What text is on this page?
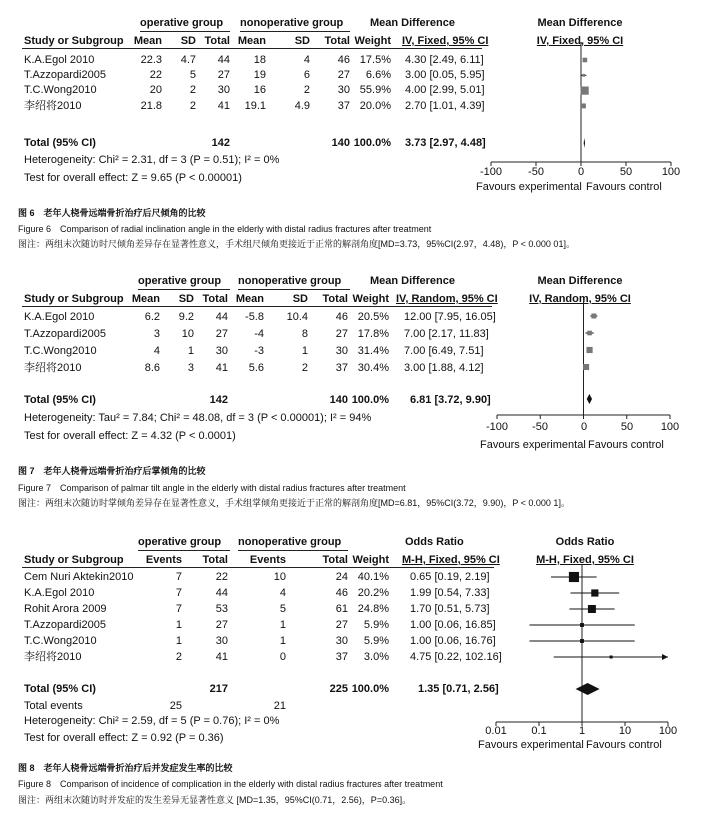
operative group nonoperative group Mean Difference	Mean Difference
Study or Subgroup Mean	SD Total Mean	SD	Total Weight IV, Fixed, 95% CI	IV, Fixed, 95% CI
K.A.Egol 2010	22.3	4.7	44	18	4	46 17.5% 4.30 [2.49, 6.11]
T.Azzopardi2005	22	5	27	19	6	27	6.6% 3.00 [0.05, 5.95]
T.C.Wong2010	20	2	30	16	2	30 55.9% 4.00 [2.99, 5.01]
李绍将2010	21.8	2	41	19.1	4.9	37 20.0% 2.70 [1.01, 4.39]
Total (95% CI)	142	140 100.0% 3.73 [2.97, 4.48]
Heterogeneity: Chi² = 2.31, df = 3 (P = 0.51); I² = 0%
Test for overall effect: Z = 9.65 (P < 0.00001)	-100	-50	0	50	100
Favours experimental Favours control
图 6　老年人桡骨远端骨折治疗后尺倾角的比较
Figure 6　Comparison of radial inclination angle in the elderly with distal radius fractures after treatment
图注：两组末次随访时尺倾角差异存在显著性意义，手术组尺倾角更接近于正常的解剖角度[MD=3.73，95%CI(2.97，4.48)，P < 0.000 01]。
operative group nonoperative group	Mean Difference	Mean Difference
Study or Subgroup Mean	SD Total Mean	SD	Total Weight IV, Random, 95% CI	IV, Random, 95% CI
K.A.Egol 2010	6.2	9.2	44	-5.8	10.4	46 20.5% 12.00 [7.95, 16.05]
T.Azzopardi2005	3	10	27	-4	8	27 17.8% 7.00 [2.17, 11.83]
T.C.Wong2010	4	1	30	-3	1	30 31.4% 7.00 [6.49, 7.51]
李绍将2010	8.6	3	41	5.6	2	37 30.4% 3.00 [1.88, 4.12]
Total (95% CI)	142	140 100.0% 6.81 [3.72, 9.90]
Heterogeneity: Tau² = 7.84; Chi² = 48.08, df = 3 (P < 0.00001); I² = 94%
Test for overall effect: Z = 4.32 (P < 0.0001)
-100	-50	0	50	100
Favours experimental Favours control
图 7　老年人桡骨远端骨折治疗后掌倾角的比较
Figure 7　Comparison of palmar tilt angle in the elderly with distal radius fractures after treatment
图注：两组末次随访时掌倾角差异存在显著性意义，手术组掌倾角更接近于正常的解剖角度[MD=6.81，95%CI(3.72，9.90)，P < 0.000 1]。
operative group nonoperative group	Odds Ratio	Odds Ratio
Study or Subgroup	Events	Total	Events	Total Weight M-H, Fixed, 95% CI	M-H, Fixed, 95% CI
Cem Nuri Aktekin2010	7	22	10	24 40.1% 0.65 [0.19, 2.19]
K.A.Egol 2010	7	44	4	46 20.2% 1.99 [0.54, 7.33]
Rohit Arora 2009	7	53	5	61 24.8% 1.70 [0.51, 5.73]
T.Azzopardi2005	1	27	1	27	5.9% 1.00 [0.06, 16.85]
T.C.Wong2010	1	30	1	30	5.9% 1.00 [0.06, 16.76]
李绍将2010	2	41	0	37	3.0% 4.75 [0.22, 102.16]
Total (95% CI)	217	225 100.0%	1.35 [0.71, 2.56]
Total events	25	21
Heterogeneity: Chi² = 2.59, df = 5 (P = 0.76); I² = 0%
Test for overall effect: Z = 0.92 (P = 0.36)
0.01	0.1	1	10	100
Favours experimental Favours control
图 8　老年人桡骨远端骨折治疗后并发症发生率的比较
Figure 8　Comparison of incidence of complication in the elderly with distal radius fractures after treatment
图注：两组末次随访时并发症的发生差异无显著性意义 [MD=1.35，95%CI(0.71，2.56)，P=0.36]。
